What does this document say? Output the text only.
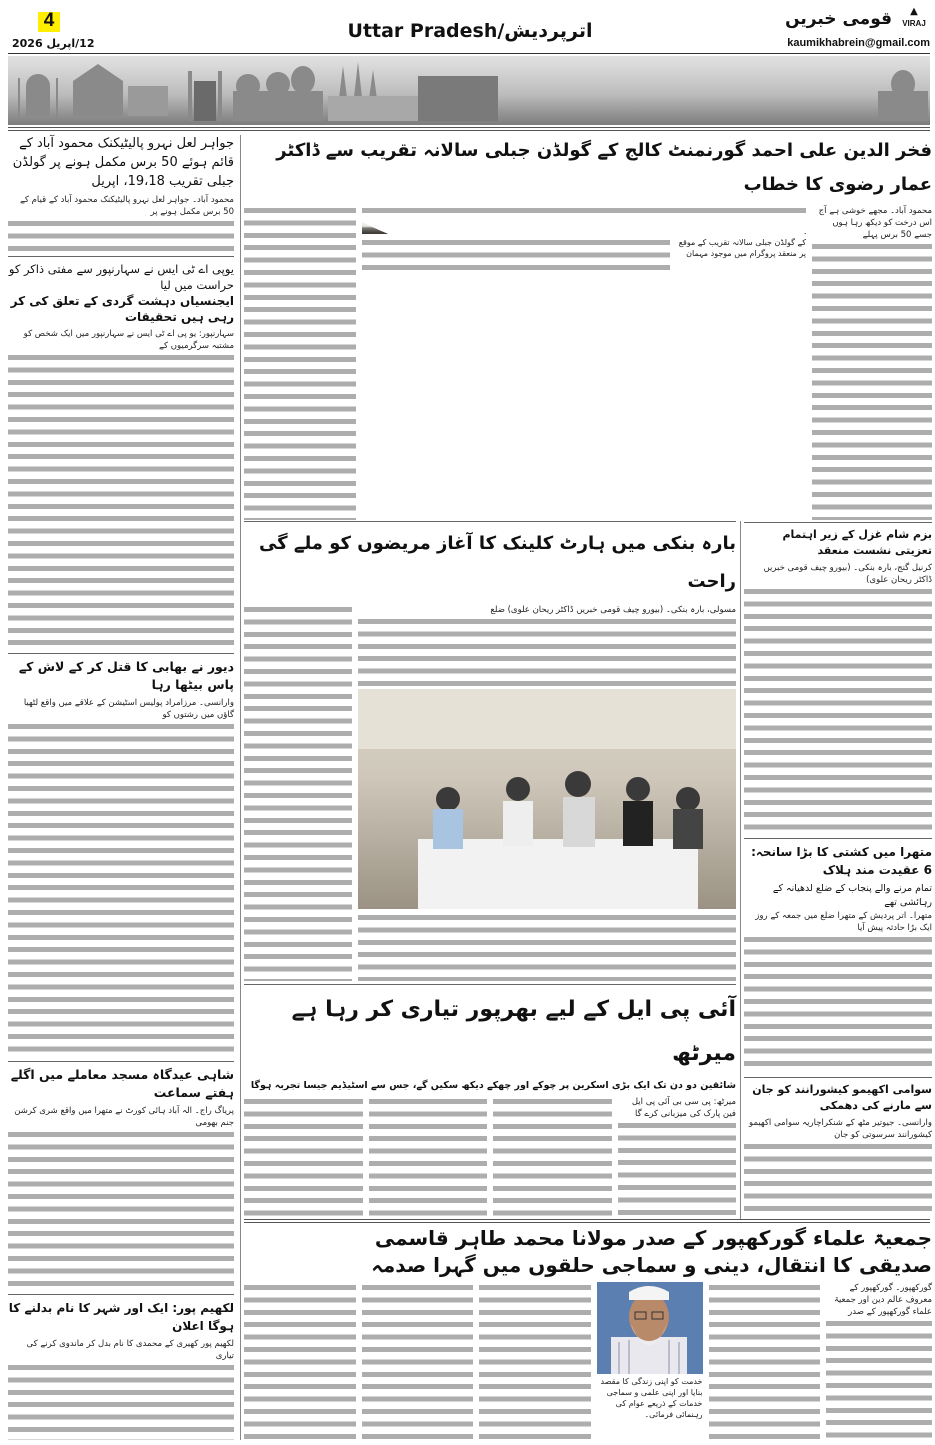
4
12/اپریل 2026
Uttar Pradesh/اترپردیش
▲
VIRAJ
قومی خبریں
kaumikhabrein@gmail.com
جواہر لعل نہرو پالیٹیکنک محمود آباد کے قائم ہوئے 50 برس مکمل ہونے پر گولڈن جبلی تقریب 19،18، اپریل
محمود آباد۔ جواہر لعل نہرو پالیٹیکنک محمود آباد کے قیام کے 50 برس مکمل ہونے پر
یوپی اے ٹی ایس نے سہارنپور سے مفتی ذاکر کو حراست میں لیا
ایجنسیاں دہشت گردی کے تعلق کی کر رہی ہیں تحقیقات
سہارنپور: یو پی اے ٹی ایس نے سہارنپور میں ایک شخص کو مشتبہ سرگرمیوں کے
دیور نے بھابی کا قتل کر کے لاش کے پاس بیٹھا رہا
وارانسی۔ مرزامراد پولیس اسٹیشن کے علاقے میں واقع لٹھیا گاؤں میں رشتوں کو
شاہی عیدگاہ مسجد معاملے میں اگلے ہفتے سماعت
پریاگ راج۔ الہ آباد ہائی کورٹ نے متھرا میں واقع شری کرشن جنم بھومی
لکھیم پور: ایک اور شہر کا نام بدلنے کا ہوگا اعلان
لکھیم پور کھیری کے محمدی کا نام بدل کر ماندوی کرنے کی تیاری
فخر الدین علی احمد گورنمنٹ کالج کے گولڈن جبلی سالانہ تقریب سے ڈاکٹر عمار رضوی کا خطاب
محمود آباد۔ مجھے خوشی ہے آج اس درخت کو دیکھ رہا ہوں جسے 50 برس پہلے
کے گولڈن جبلی سالانہ تقریب کے موقع پر منعقد پروگرام میں موجود مہمان
بارہ بنکی میں ہارٹ کلینک کا آغاز مریضوں کو ملے گی راحت
مسولی، بارہ بنکی۔ (بیورو چیف قومی خبریں ڈاکٹر ریحان علوی) ضلع
بزم شام غزل کے زیر اہتمام تعزیتی نشست منعقد
کرنیل گنج، بارہ بنکی۔ (بیورو چیف قومی خبریں ڈاکٹر ریحان علوی)
متھرا میں کشتی کا بڑا سانحہ: 6 عقیدت مند ہلاک
تمام مرنے والے پنجاب کے ضلع لدھیانہ کے رہائشی تھے
متھرا۔ اتر پردیش کے متھرا ضلع میں جمعہ کے روز ایک بڑا حادثہ پیش آیا
سوامی اکھیمو کیشورانند کو جان سے مارنے کی دھمکی
وارانسی۔ جیوتیر مٹھ کے شنکراچاریہ سوامی اکھیمو کیشورانند سرسوتی کو جان
آئی پی ایل کے لیے بھرپور تیاری کر رہا ہے میرٹھ
شائقین دو دن تک ایک بڑی اسکرین پر چوکے اور چھکے دیکھ سکیں گے، جس سے اسٹیڈیم جیسا تجربہ ہوگا
میرٹھ: پی سی بی آئی پی ایل فین پارک کی میزبانی کرے گا
جمعیۃ علماء گورکھپور کے صدر مولانا محمد طاہر قاسمی
صدیقی کا انتقال، دینی و سماجی حلقوں میں گہرا صدمہ
گورکھپور۔ گورکھپور کے معروف عالم دین اور جمعیۃ علماء گورکھپور کے صدر
خدمت کو اپنی زندگی کا مقصد بنایا اور اپنی علمی و سماجی خدمات کے ذریعے عوام کی رہنمائی فرمائی۔
